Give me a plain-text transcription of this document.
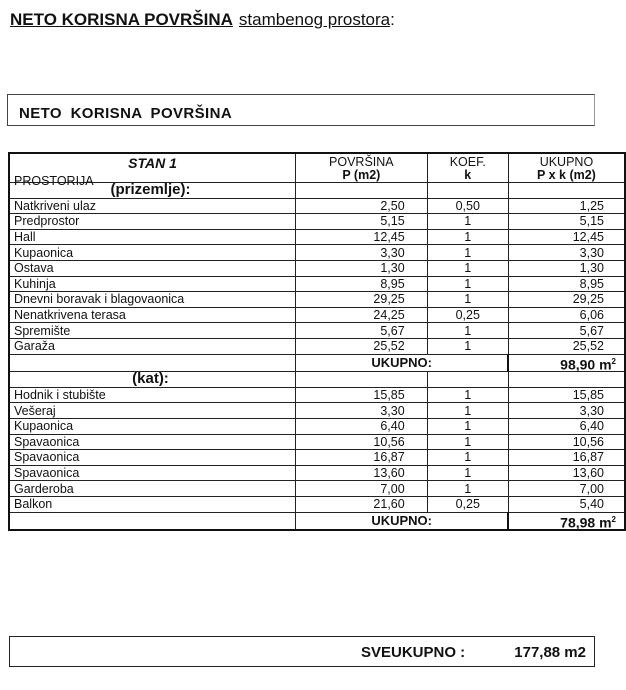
NETO KORISNA POVRŠINA stambenog prostora:
NETO KORISNA POVRŠINA
STAN 1
PROSTORIJA
	POVRŠINA
P (m2)
	KOEF.
k
	UKUPNO
P x k (m2)

(prizemlje):			
Natkriveni ulaz	2,50	0,50	1,25
Predprostor	5,15	1	5,15
Hall	12,45	1	12,45
Kupaonica	3,30	1	3,30
Ostava	1,30	1	1,30
Kuhinja	8,95	1	8,95
Dnevni boravak i blagovaonica	29,25	1	29,25
Nenatkrivena terasa	24,25	0,25	6,06
Spremište	5,67	1	5,67
Garaža	25,52	1	25,52
	UKUPNO:		98,90 $m^2$
(kat):			
Hodnik i stubište	15,85	1	15,85
Vešeraj	3,30	1	3,30
Kupaonica	6,40	1	6,40
Spavaonica	10,56	1	10,56
Spavaonica	16,87	1	16,87
Spavaonica	13,60	1	13,60
Garderoba	7,00	1	7,00
Balkon	21,60	0,25	5,40
	UKUPNO:		78,98 $m^2$
SVEUKUPNO :	177,88 m2
